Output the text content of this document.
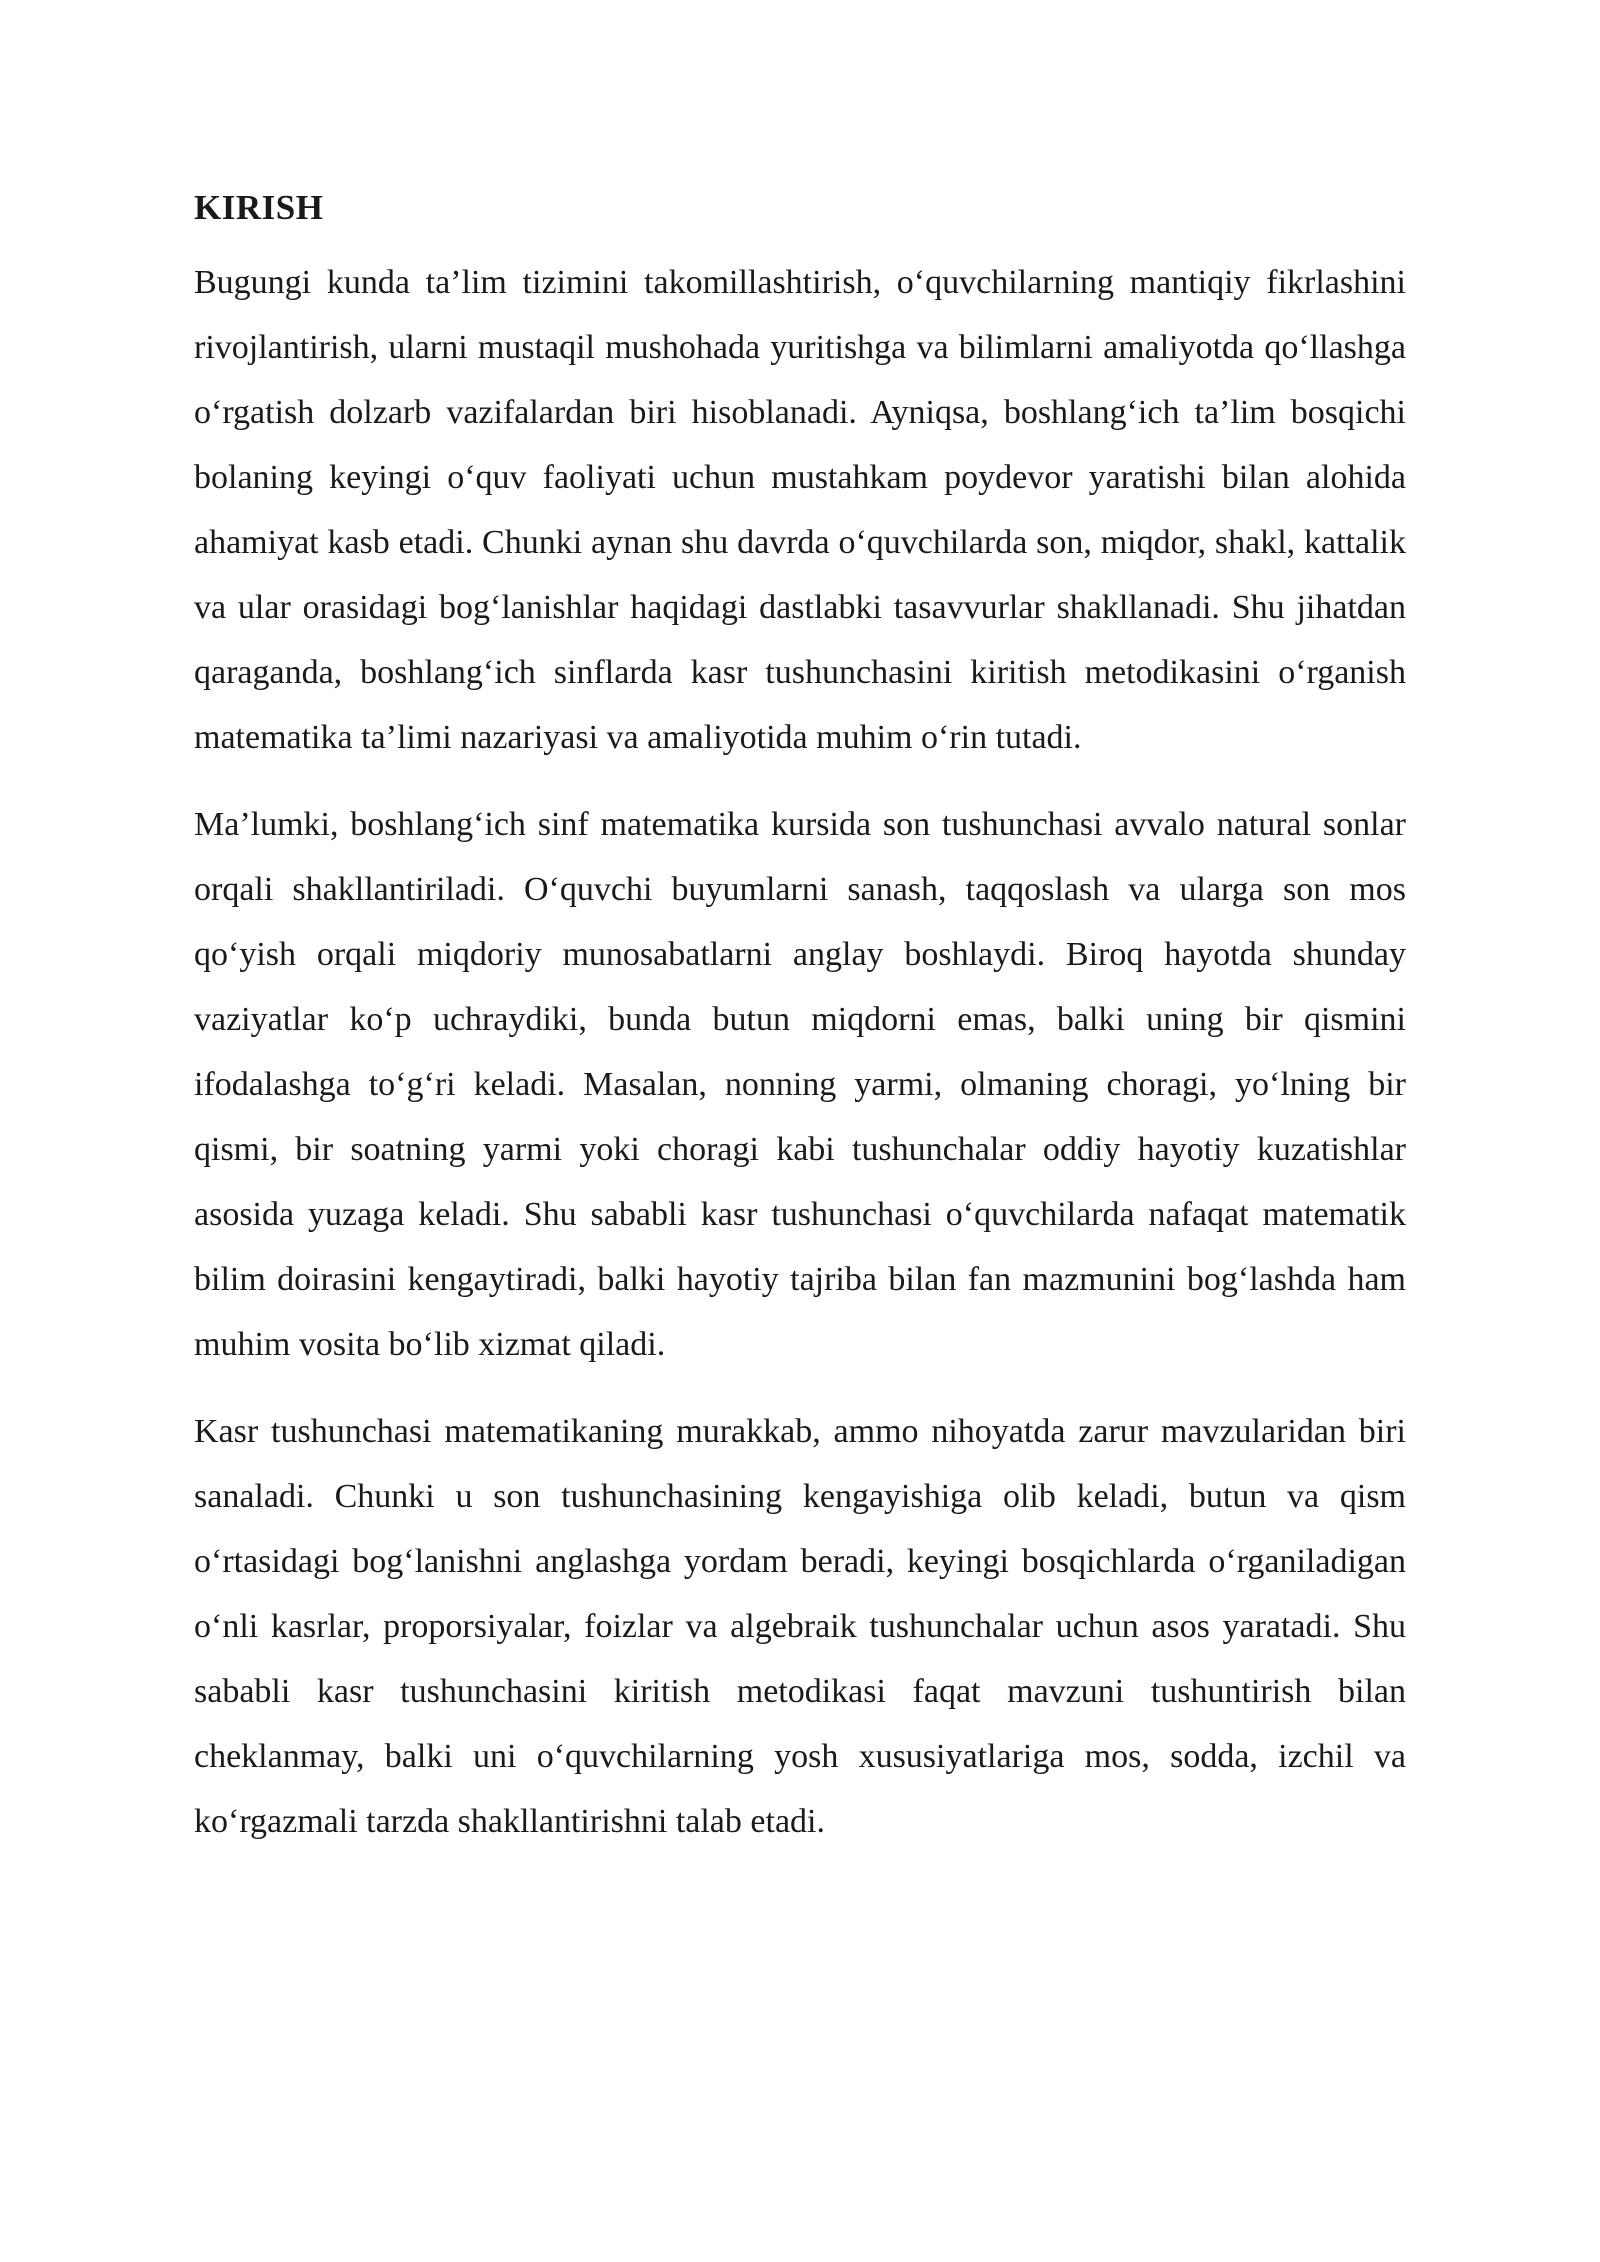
KIRISH

Bugungi kunda ta’lim tizimini takomillashtirish, o‘quvchilarning mantiqiy fikrlashini rivojlantirish, ularni mustaqil mushohada yuritishga va bilimlarni amaliyotda qo‘llashga o‘rgatish dolzarb vazifalardan biri hisoblanadi. Ayniqsa, boshlang‘ich ta’lim bosqichi bolaning keyingi o‘quv faoliyati uchun mustahkam poydevor yaratishi bilan alohida ahamiyat kasb etadi. Chunki aynan shu davrda o‘quvchilarda son, miqdor, shakl, kattalik va ular orasidagi bog‘lanishlar haqidagi dastlabki tasavvurlar shakllanadi. Shu jihatdan qaraganda, boshlang‘ich sinflarda kasr tushunchasini kiritish metodikasini o‘rganish matematika ta’limi nazariyasi va amaliyotida muhim o‘rin tutadi.

Ma’lumki, boshlang‘ich sinf matematika kursida son tushunchasi avvalo natural sonlar orqali shakllantiriladi. O‘quvchi buyumlarni sanash, taqqoslash va ularga son mos qo‘yish orqali miqdoriy munosabatlarni anglay boshlaydi. Biroq hayotda shunday vaziyatlar ko‘p uchraydiki, bunda butun miqdorni emas, balki uning bir qismini ifodalashga to‘g‘ri keladi. Masalan, nonning yarmi, olmaning choragi, yo‘lning bir qismi, bir soatning yarmi yoki choragi kabi tushunchalar oddiy hayotiy kuzatishlar asosida yuzaga keladi. Shu sababli kasr tushunchasi o‘quvchilarda nafaqat matematik bilim doirasini kengaytiradi, balki hayotiy tajriba bilan fan mazmunini bog‘lashda ham muhim vosita bo‘lib xizmat qiladi.

Kasr tushunchasi matematikaning murakkab, ammo nihoyatda zarur mavzularidan biri sanaladi. Chunki u son tushunchasining kengayishiga olib keladi, butun va qism o‘rtasidagi bog‘lanishni anglashga yordam beradi, keyingi bosqichlarda o‘rganiladigan o‘nli kasrlar, proporsiyalar, foizlar va algebraik tushunchalar uchun asos yaratadi. Shu sababli kasr tushunchasini kiritish metodikasi faqat mavzuni tushuntirish bilan cheklanmay, balki uni o‘quvchilarning yosh xususiyatlariga mos, sodda, izchil va ko‘rgazmali tarzda shakllantirishni talab etadi.
